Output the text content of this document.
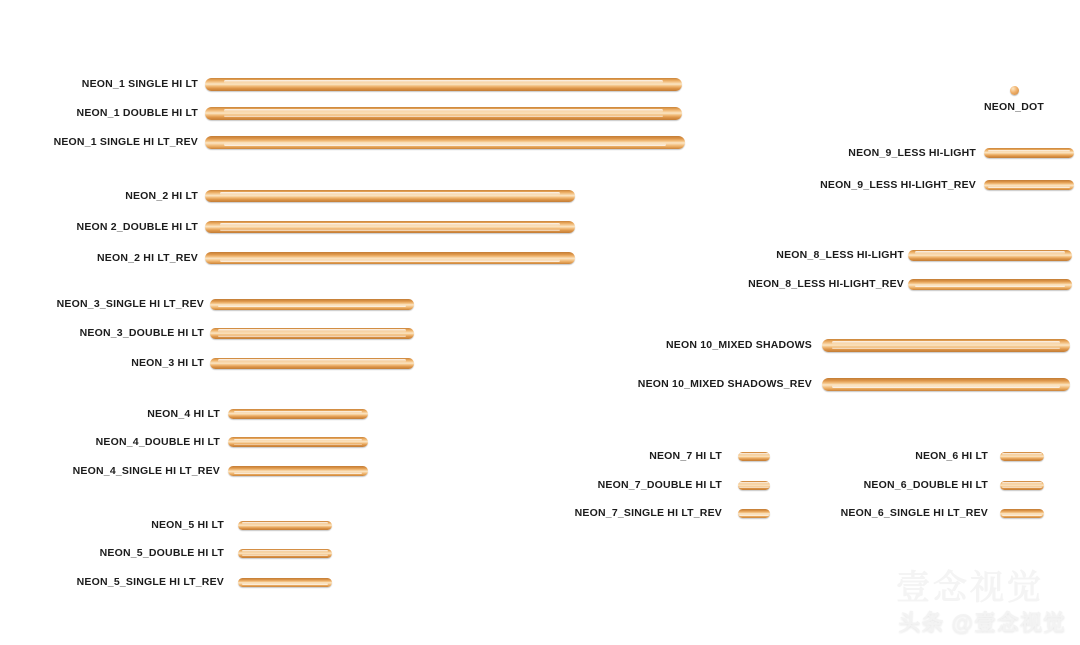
NEON_1 SINGLE HI LT
NEON_1 DOUBLE HI LT
NEON_1 SINGLE HI LT_REV
NEON_2 HI LT
NEON 2_DOUBLE HI LT
NEON_2 HI LT_REV
NEON_3_SINGLE HI LT_REV
NEON_3_DOUBLE HI LT
NEON_3 HI LT
NEON_4 HI LT
NEON_4_DOUBLE HI LT
NEON_4_SINGLE HI LT_REV
NEON_5 HI LT
NEON_5_DOUBLE HI LT
NEON_5_SINGLE HI LT_REV
NEON_9_LESS HI-LIGHT
NEON_9_LESS HI-LIGHT_REV
NEON_8_LESS HI-LIGHT
NEON_8_LESS HI-LIGHT_REV
NEON 10_MIXED SHADOWS
NEON 10_MIXED SHADOWS_REV
NEON_7 HI LT
NEON_7_DOUBLE HI LT
NEON_7_SINGLE HI LT_REV
NEON_6 HI LT
NEON_6_DOUBLE HI LT
NEON_6_SINGLE HI LT_REV
NEON_DOT
壹念视觉
头条 @壹念视觉
